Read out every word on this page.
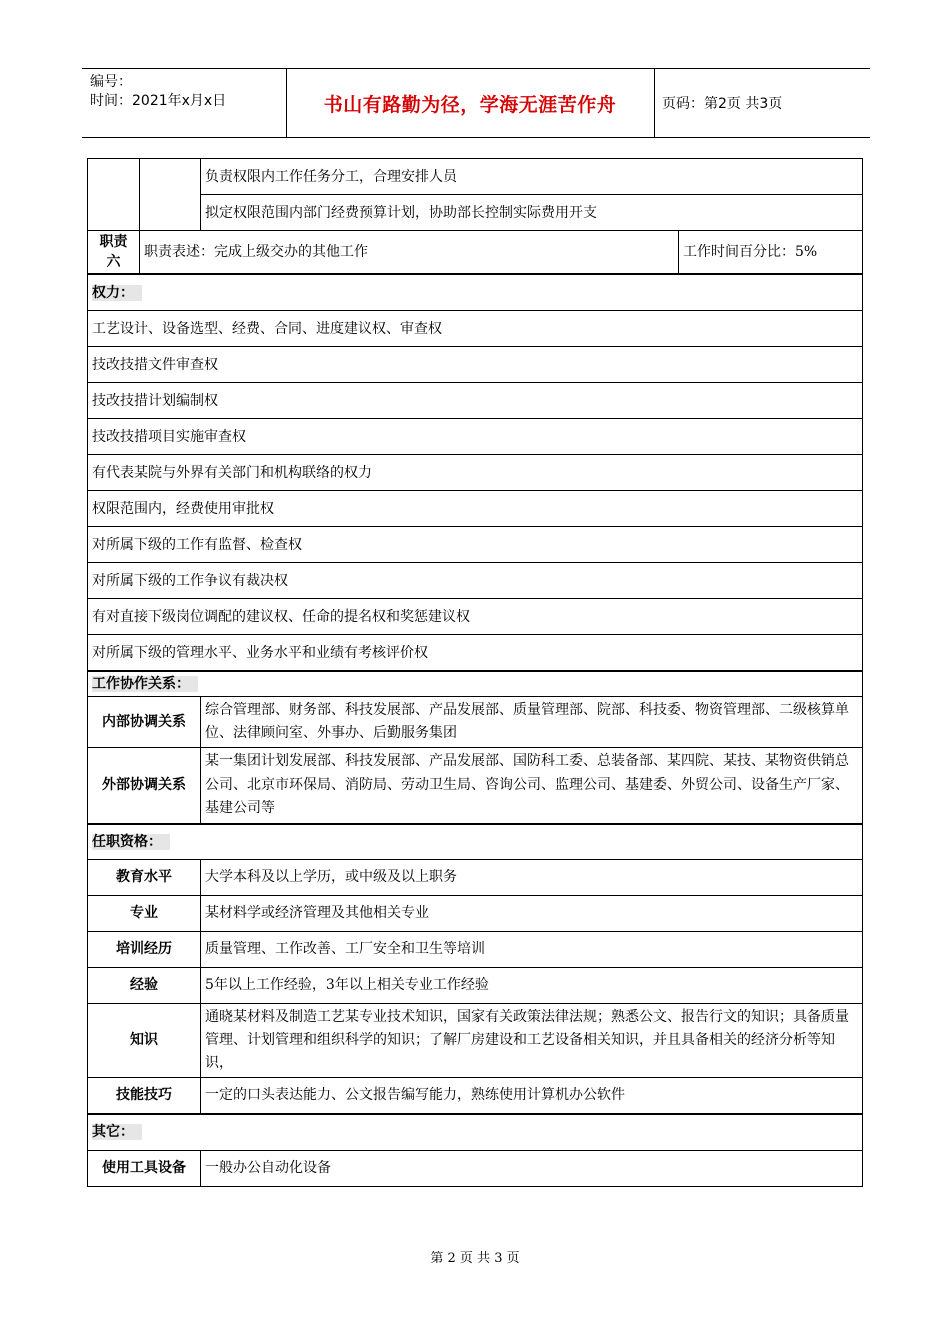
编号：
时间：2021年x月x日	书山有路勤为径，学海无涯苦作舟	页码：第2页 共3页
		负责权限内工作任务分工，合理安排人员	
		拟定权限范围内部门经费预算计划，协助部长控制实际费用开支	
职责六	职责表述：完成上级交办的其他工作		工作时间百分比：5%
权力：			
工艺设计、设备选型、经费、合同、进度建议权、审查权			
技改技措文件审查权			
技改技措计划编制权			
技改技措项目实施审查权			
有代表某院与外界有关部门和机构联络的权力			
权限范围内，经费使用审批权			
对所属下级的工作有监督、检查权			
对所属下级的工作争议有裁决权			
有对直接下级岗位调配的建议权、任命的提名权和奖惩建议权			
对所属下级的管理水平、业务水平和业绩有考核评价权			
工作协作关系：			
内部协调关系		综合管理部、财务部、科技发展部、产品发展部、质量管理部、院部、科技委、物资管理部、二级核算单位、法律顾问室、外事办、后勤服务集团	
外部协调关系		某一集团计划发展部、科技发展部、产品发展部、国防科工委、总装备部、某四院、某技、某物资供销总公司、北京市环保局、消防局、劳动卫生局、咨询公司、监理公司、基建委、外贸公司、设备生产厂家、基建公司等	
任职资格：			
教育水平		大学本科及以上学历，或中级及以上职务	
专业		某材料学或经济管理及其他相关专业	
培训经历		质量管理、工作改善、工厂安全和卫生等培训	
经验		5年以上工作经验，3年以上相关专业工作经验	
知识		通晓某材料及制造工艺某专业技术知识，国家有关政策法律法规；熟悉公文、报告行文的知识；具备质量管理、计划管理和组织科学的知识；了解厂房建设和工艺设备相关知识，并且具备相关的经济分析等知识，	
技能技巧		一定的口头表达能力、公文报告编写能力，熟练使用计算机办公软件	
其它：			
使用工具设备		一般办公自动化设备	
第 2 页 共 3 页
